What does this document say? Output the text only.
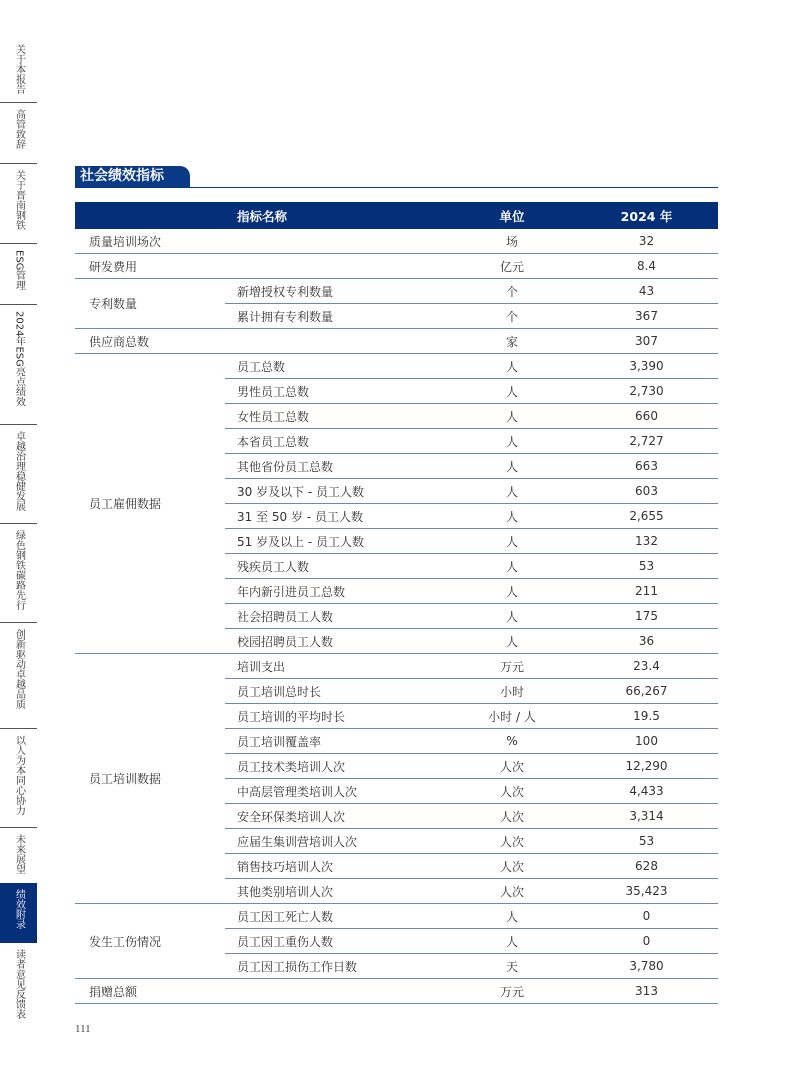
关于本报告
高管致辞
关于晋南钢铁
ESG管理
2024年ESG亮点绩效
卓越治理稳健发展
绿色钢铁碳路先行
创新驱动卓越品质
以人为本同心协力
未来展望
绩效附录
读者意见反馈表
社会绩效指标
指标名称		单位	2024 年
质量培训场次		场	32
研发费用		亿元	8.4
专利数量	新增授权专利数量	个	43
	累计拥有专利数量	个	367
供应商总数		家	307
员工雇佣数据	员工总数	人	3,390
	男性员工总数	人	2,730
	女性员工总数	人	660
	本省员工总数	人	2,727
	其他省份员工总数	人	663
	30 岁及以下 - 员工人数	人	603
	31 至 50 岁 - 员工人数	人	2,655
	51 岁及以上 - 员工人数	人	132
	残疾员工人数	人	53
	年内新引进员工总数	人	211
	社会招聘员工人数	人	175
	校园招聘员工人数	人	36
员工培训数据	培训支出	万元	23.4
	员工培训总时长	小时	66,267
	员工培训的平均时长	小时 / 人	19.5
	员工培训覆盖率	%	100
	员工技术类培训人次	人次	12,290
	中高层管理类培训人次	人次	4,433
	安全环保类培训人次	人次	3,314
	应届生集训营培训人次	人次	53
	销售技巧培训人次	人次	628
	其他类别培训人次	人次	35,423
发生工伤情况	员工因工死亡人数	人	0
	员工因工重伤人数	人	0
	员工因工损伤工作日数	天	3,780
捐赠总额		万元	313
111
